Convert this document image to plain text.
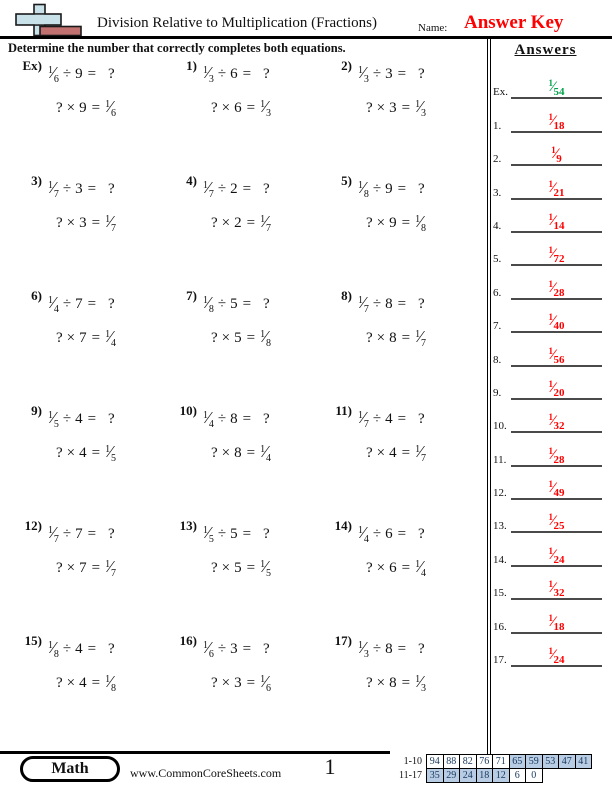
Division Relative to Multiplication (Fractions)	Name: Answer Key
Determine the number that correctly completes both equations.
Ex) $^1⁄_6 \div 9$ = ?
? × $9 = ^1⁄_6$
1) $^1⁄_3 \div 6$ = ?
? × $6 = ^1⁄_3$
2) $^1⁄_3 \div 3$ = ?
? × $3 = ^1⁄_3$
3) $^1⁄_7 \div 3$ = ?
? × $3 = ^1⁄_7$
4) $^1⁄_7 \div 2$ = ?
? × $2 = ^1⁄_7$
5) $^1⁄_8 \div 9$ = ?
? × $9 = ^1⁄_8$
6) $^1⁄_4 \div 7$ = ?
? × $7 = ^1⁄_4$
7) $^1⁄_8 \div 5$ = ?
? × $5 = ^1⁄_8$
8) $^1⁄_7 \div 8$ = ?
? × $8 = ^1⁄_7$
9) $^1⁄_5 \div 4$ = ?
? × $4 = ^1⁄_5$
10) $^1⁄_4 \div 8$ = ?
? × $8 = ^1⁄_4$
11) $^1⁄_7 \div 4$ = ?
? × $4 = ^1⁄_7$
12) $^1⁄_7 \div 7$ = ?
? × $7 = ^1⁄_7$
13) $^1⁄_5 \div 5$ = ?
? × $5 = ^1⁄_5$
14) $^1⁄_4 \div 6$ = ?
? × $6 = ^1⁄_4$
15) $^1⁄_8 \div 4$ = ?
? × $4 = ^1⁄_8$
16) $^1⁄_6 \div 3$ = ?
? × $3 = ^1⁄_6$
17) $^1⁄_3 \div 8$ = ?
? × $8 = ^1⁄_3$
Answers
Ex.
$^1⁄_{54}$
1.
$^1⁄_{18}$
2.
$^1⁄_9$
3.
$^1⁄_{21}$
4.
$^1⁄_{14}$
5.
$^1⁄_{72}$
6.
$^1⁄_{28}$
7.
$^1⁄_{40}$
8.
$^1⁄_{56}$
9.
$^1⁄_{20}$
10.
$^1⁄_{32}$
11.
$^1⁄_{28}$
12.
$^1⁄_{49}$
13.
$^1⁄_{25}$
14.
$^1⁄_{24}$
15.
$^1⁄_{32}$
16.
$^1⁄_{18}$
17.
$^1⁄_{24}$
Math	www.CommonCoreSheets.com	1	1-10 94 88 82 76 71 65 59 53 47 41
11-17 35 29 24 18 12 6	0
